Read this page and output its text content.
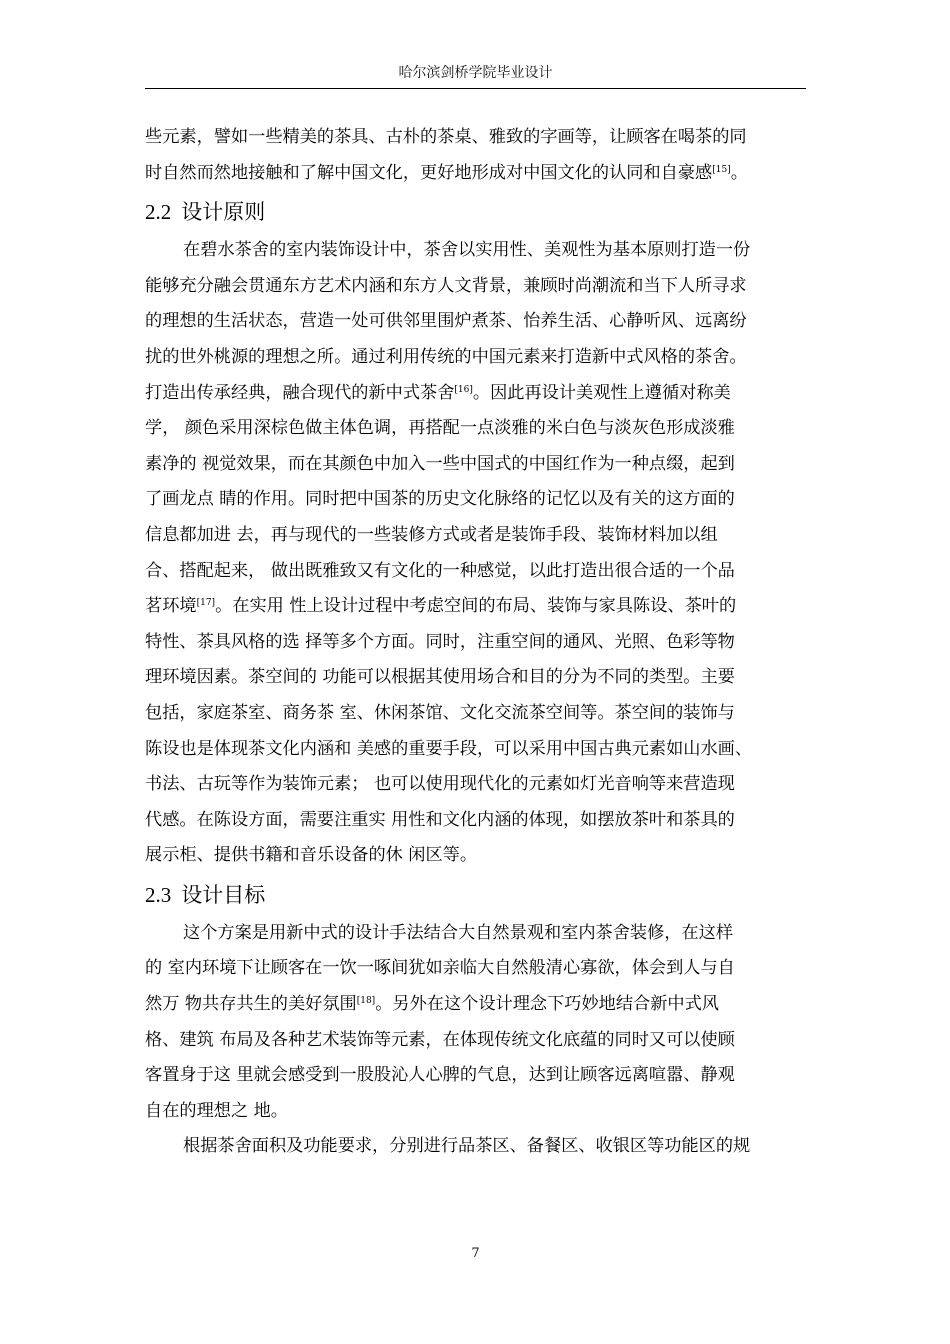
哈尔滨剑桥学院毕业设计

些元素，譬如一些精美的茶具、古朴的茶桌、雅致的字画等，让顾客在喝茶的同
时自然而然地接触和了解中国文化，更好地形成对中国文化的认同和自豪感[15]。

2.2 设计原则

在碧水茶舍的室内装饰设计中，茶舍以实用性、美观性为基本原则打造一份
能够充分融会贯通东方艺术内涵和东方人文背景，兼顾时尚潮流和当下人所寻求
的理想的生活状态，营造一处可供邻里围炉煮茶、怡养生活、心静听风、远离纷
扰的世外桃源的理想之所。通过利用传统的中国元素来打造新中式风格的茶舍。
打造出传承经典，融合现代的新中式茶舍[16]。因此再设计美观性上遵循对称美
学， 颜色采用深棕色做主体色调，再搭配一点淡雅的米白色与淡灰色形成淡雅
素净的 视觉效果，而在其颜色中加入一些中国式的中国红作为一种点缀，起到
了画龙点 睛的作用。同时把中国茶的历史文化脉络的记忆以及有关的这方面的
信息都加进 去，再与现代的一些装修方式或者是装饰手段、装饰材料加以组
合、搭配起来， 做出既雅致又有文化的一种感觉，以此打造出很合适的一个品
茗环境[17]。在实用 性上设计过程中考虑空间的布局、装饰与家具陈设、茶叶的
特性、茶具风格的选 择等多个方面。同时，注重空间的通风、光照、色彩等物
理环境因素。茶空间的 功能可以根据其使用场合和目的分为不同的类型。主要
包括，家庭茶室、商务茶 室、休闲茶馆、文化交流茶空间等。茶空间的装饰与
陈设也是体现茶文化内涵和 美感的重要手段，可以采用中国古典元素如山水画、
书法、古玩等作为装饰元素； 也可以使用现代化的元素如灯光音响等来营造现
代感。在陈设方面，需要注重实 用性和文化内涵的体现，如摆放茶叶和茶具的
展示柜、提供书籍和音乐设备的休 闲区等。

2.3 设计目标

这个方案是用新中式的设计手法结合大自然景观和室内茶舍装修，在这样
的 室内环境下让顾客在一饮一啄间犹如亲临大自然般清心寡欲，体会到人与自
然万 物共存共生的美好氛围[18]。另外在这个设计理念下巧妙地结合新中式风
格、建筑 布局及各种艺术装饰等元素，在体现传统文化底蕴的同时又可以使顾
客置身于这 里就会感受到一股股沁人心脾的气息，达到让顾客远离喧嚣、静观
自在的理想之 地。

根据茶舍面积及功能要求，分别进行品茶区、备餐区、收银区等功能区的规

7
